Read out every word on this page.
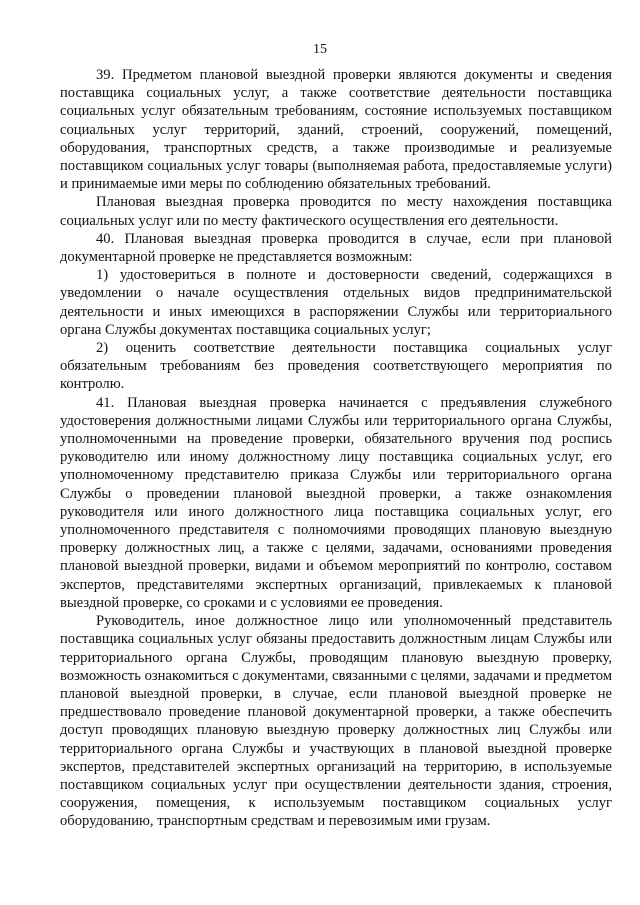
15

39. Предметом плановой выездной проверки являются документы и сведения поставщика социальных услуг, а также соответствие деятельности поставщика социальных услуг обязательным требованиям, состояние используемых поставщиком социальных услуг территорий, зданий, строений, сооружений, помещений, оборудования, транспортных средств, а также производимые и реализуемые поставщиком социальных услуг товары (выполняемая работа, предоставляемые услуги) и принимаемые ими меры по соблюдению обязательных требований.

Плановая выездная проверка проводится по месту нахождения поставщика социальных услуг или по месту фактического осуществления его деятельности.

40. Плановая выездная проверка проводится в случае, если при плановой документарной проверке не представляется возможным:

1) удостовериться в полноте и достоверности сведений, содержащихся в уведомлении о начале осуществления отдельных видов предпринимательской деятельности и иных имеющихся в распоряжении Службы или территориального органа Службы документах поставщика социальных услуг;

2) оценить соответствие деятельности поставщика социальных услуг обязательным требованиям без проведения соответствующего мероприятия по контролю.

41. Плановая выездная проверка начинается с предъявления служебного удостоверения должностными лицами Службы или территориального органа Службы, уполномоченными на проведение проверки, обязательного вручения под роспись руководителю или иному должностному лицу поставщика социальных услуг, его уполномоченному представителю приказа Службы или территориального органа Службы о проведении плановой выездной проверки, а также ознакомления руководителя или иного должностного лица поставщика социальных услуг, его уполномоченного представителя с полномочиями проводящих плановую выездную проверку должностных лиц, а также с целями, задачами, основаниями проведения плановой выездной проверки, видами и объемом мероприятий по контролю, составом экспертов, представителями экспертных организаций, привлекаемых к плановой выездной проверке, со сроками и с условиями ее проведения.

Руководитель, иное должностное лицо или уполномоченный представитель поставщика социальных услуг обязаны предоставить должностным лицам Службы или территориального органа Службы, проводящим плановую выездную проверку, возможность ознакомиться с документами, связанными с целями, задачами и предметом плановой выездной проверки, в случае, если плановой выездной проверке не предшествовало проведение плановой документарной проверки, а также обеспечить доступ проводящих плановую выездную проверку должностных лиц Службы или территориального органа Службы и участвующих в плановой выездной проверке экспертов, представителей экспертных организаций на территорию, в используемые поставщиком социальных услуг при осуществлении деятельности здания, строения, сооружения, помещения, к используемым поставщиком социальных услуг оборудованию, транспортным средствам и перевозимым ими грузам.
